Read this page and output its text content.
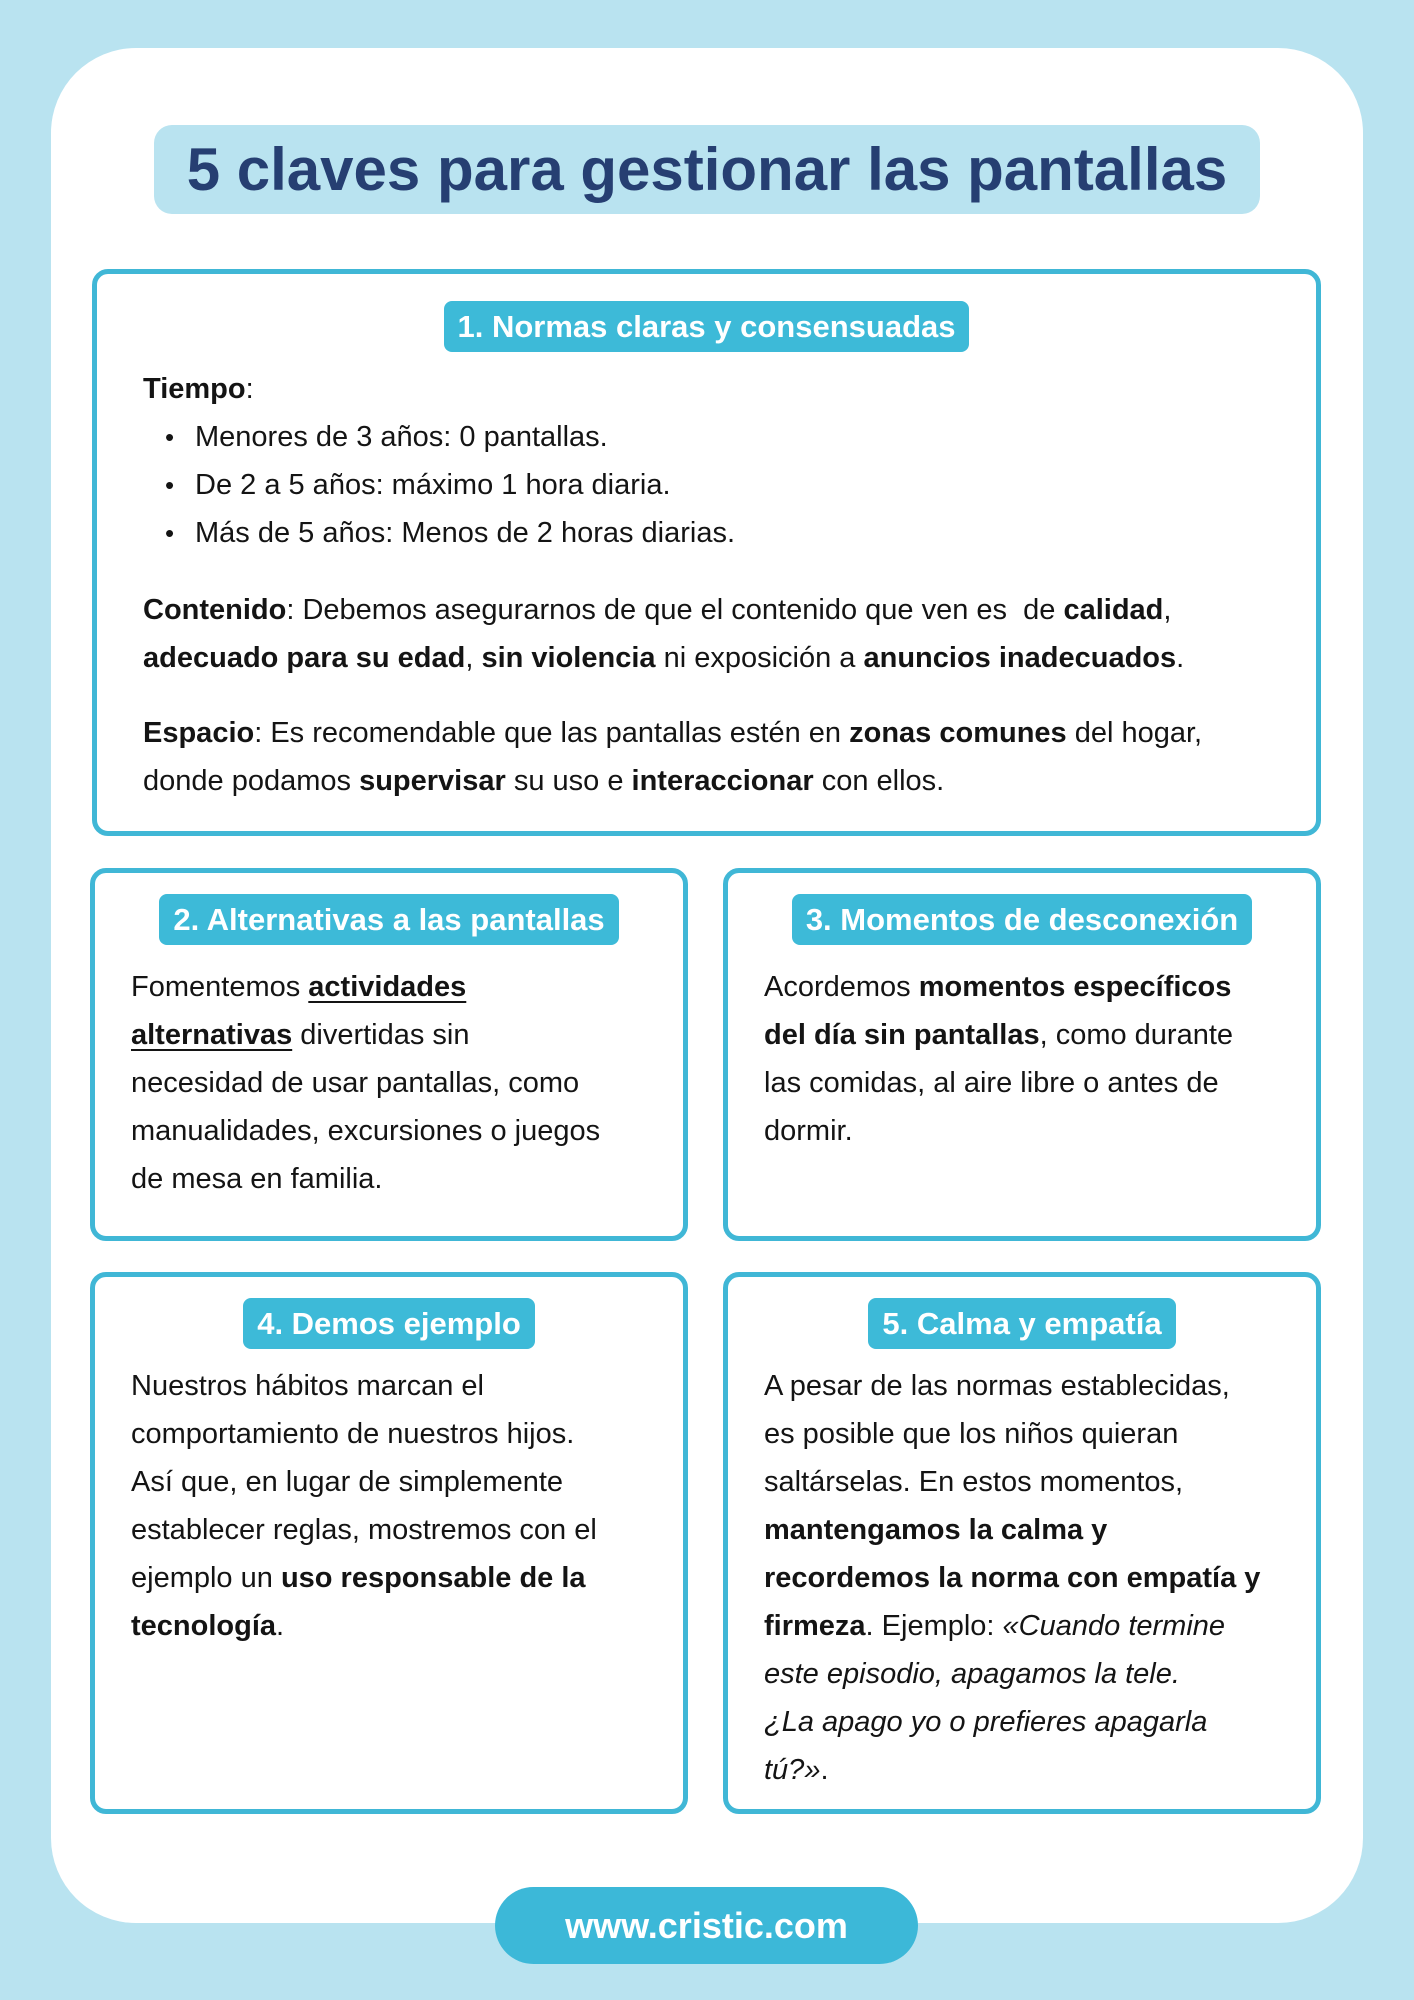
5 claves para gestionar las pantallas
1. Normas claras y consensuadas
Tiempo:
• Menores de 3 años: 0 pantallas.
• De 2 a 5 años: máximo 1 hora diaria.
• Más de 5 años: Menos de 2 horas diarias.
Contenido: Debemos asegurarnos de que el contenido que ven es  de calidad,
adecuado para su edad, sin violencia ni exposición a anuncios inadecuados.
Espacio: Es recomendable que las pantallas estén en zonas comunes del hogar,
donde podamos supervisar su uso e interaccionar con ellos.
2. Alternativas a las pantallas
Fomentemos actividades
alternativas divertidas sin
necesidad de usar pantallas, como
manualidades, excursiones o juegos
de mesa en familia.
3. Momentos de desconexión
Acordemos momentos específicos
del día sin pantallas, como durante
las comidas, al aire libre o antes de
dormir.
4. Demos ejemplo
Nuestros hábitos marcan el
comportamiento de nuestros hijos.
Así que, en lugar de simplemente
establecer reglas, mostremos con el
ejemplo un uso responsable de la
tecnología.
5. Calma y empatía
A pesar de las normas establecidas,
es posible que los niños quieran
saltárselas. En estos momentos,
mantengamos la calma y
recordemos la norma con empatía y
firmeza. Ejemplo: «Cuando termine
este episodio, apagamos la tele.
¿La apago yo o prefieres apagarla
tú?».
www.cristic.com
